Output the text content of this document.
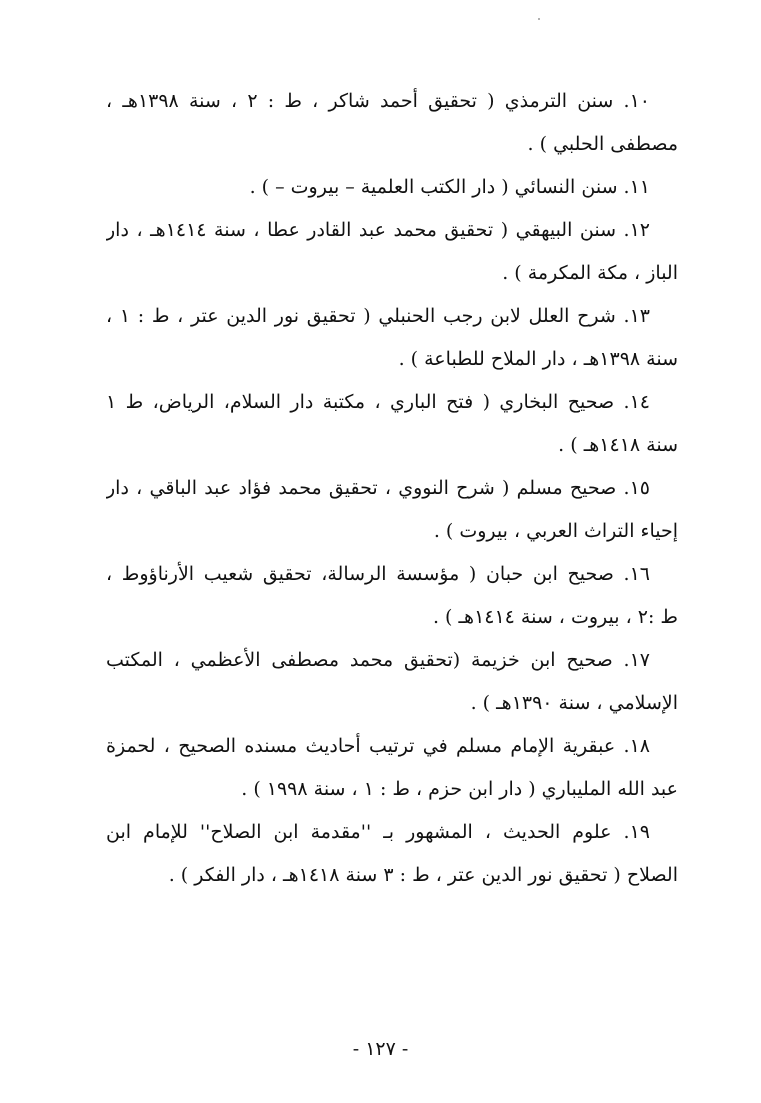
١٠. سنن الترمذي ( تحقيق أحمد شاكر ، ط : ٢ ، سنة ١٣٩٨هـ ،
مصطفى الحلبي ) .
١١. سنن النسائي ( دار الكتب العلمية – بيروت – ) .
١٢. سنن البيهقي ( تحقيق محمد عبد القادر عطا ، سنة ١٤١٤هـ ، دار
الباز ، مكة المكرمة ) .
١٣. شرح العلل لابن رجب الحنبلي ( تحقيق نور الدين عتر ، ط : ١ ،
سنة ١٣٩٨هـ ، دار الملاح للطباعة ) .
١٤. صحيح البخاري ( فتح الباري ، مكتبة دار السلام، الرياض، ط ١
سنة ١٤١٨هـ ) .
١٥. صحيح مسلم ( شرح النووي ، تحقيق محمد فؤاد عبد الباقي ، دار
إحياء التراث العربي ، بيروت ) .
١٦. صحيح ابن حبان ( مؤسسة الرسالة، تحقيق شعيب الأرناؤوط ،
ط :٢ ، بيروت ، سنة ١٤١٤هـ ) .
١٧. صحيح ابن خزيمة (تحقيق محمد مصطفى الأعظمي ، المكتب
الإسلامي ، سنة ١٣٩٠هـ ) .
١٨. عبقرية الإمام مسلم في ترتيب أحاديث مسنده الصحيح ، لحمزة
عبد الله المليباري ( دار ابن حزم ، ط : ١ ، سنة ١٩٩٨ ) .
١٩. علوم الحديث ، المشهور بـ ''مقدمة ابن الصلاح'' للإمام ابن
الصلاح ( تحقيق نور الدين عتر ، ط : ٣ سنة ١٤١٨هـ ، دار الفكر ) .
- ١٢٧ -
